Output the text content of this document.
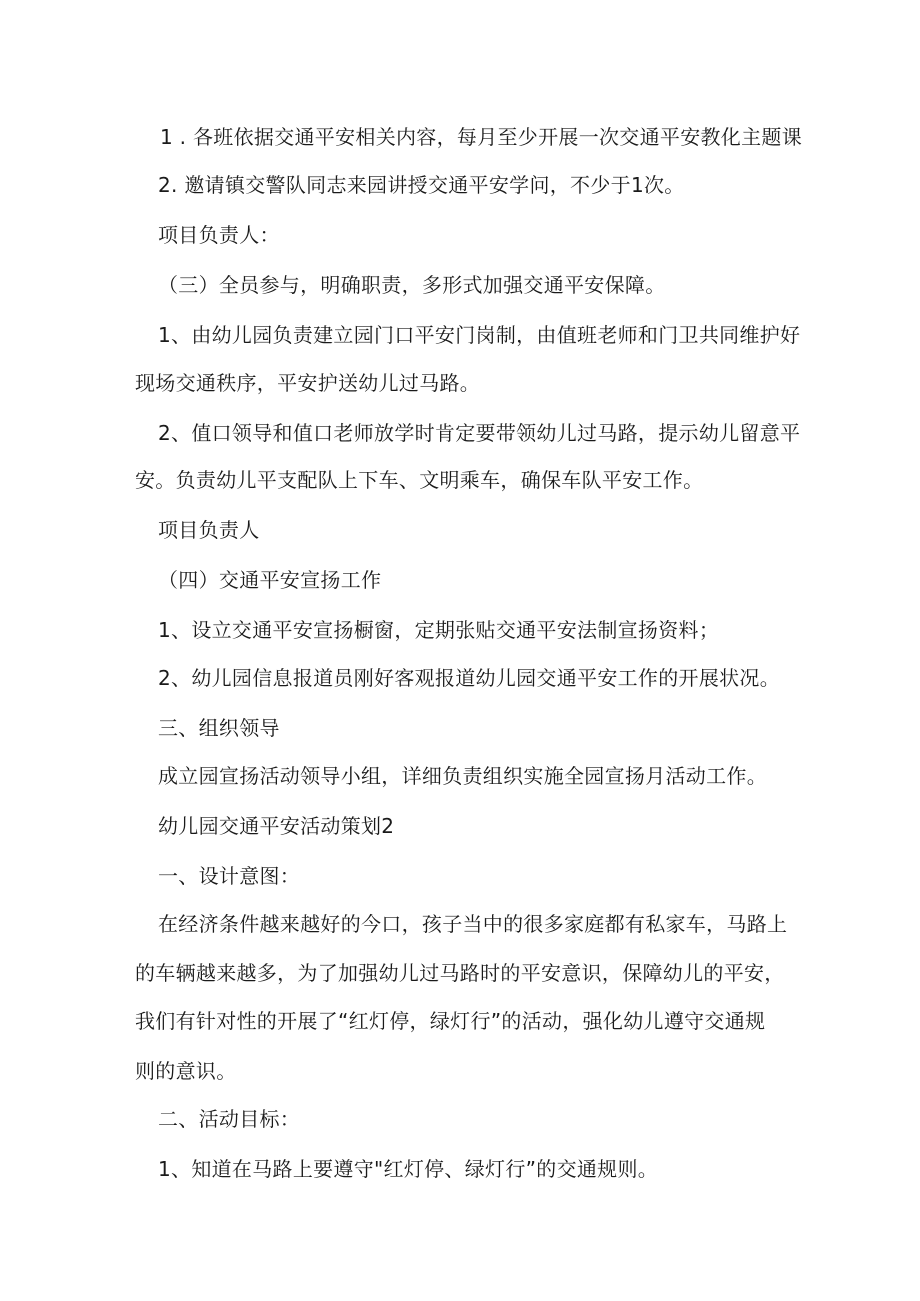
1 . 各班依据交通平安相关内容，每月至少开展一次交通平安教化主题课
2. 邀请镇交警队同志来园讲授交通平安学问，不少于1次。
项目负责人：
（三）全员参与，明确职责，多形式加强交通平安保障。
1、由幼儿园负责建立园门口平安门岗制，由值班老师和门卫共同维护好
现场交通秩序，平安护送幼儿过马路。
2、值口领导和值口老师放学时肯定要带领幼儿过马路，提示幼儿留意平
安。负责幼儿平支配队上下车、文明乘车，确保车队平安工作。
项目负责人
（四）交通平安宣扬工作
1、设立交通平安宣扬橱窗，定期张贴交通平安法制宣扬资料；
2、幼儿园信息报道员刚好客观报道幼儿园交通平安工作的开展状况。
三、组织领导
成立园宣扬活动领导小组，详细负责组织实施全园宣扬月活动工作。
幼儿园交通平安活动策划2
一、设计意图：
在经济条件越来越好的今口，孩子当中的很多家庭都有私家车，马路上
的车辆越来越多，为了加强幼儿过马路时的平安意识，保障幼儿的平安，
我们有针对性的开展了“红灯停，绿灯行”的活动，强化幼儿遵守交通规
则的意识。
二、活动目标：
1、知道在马路上要遵守"红灯停、绿灯行”的交通规则。
